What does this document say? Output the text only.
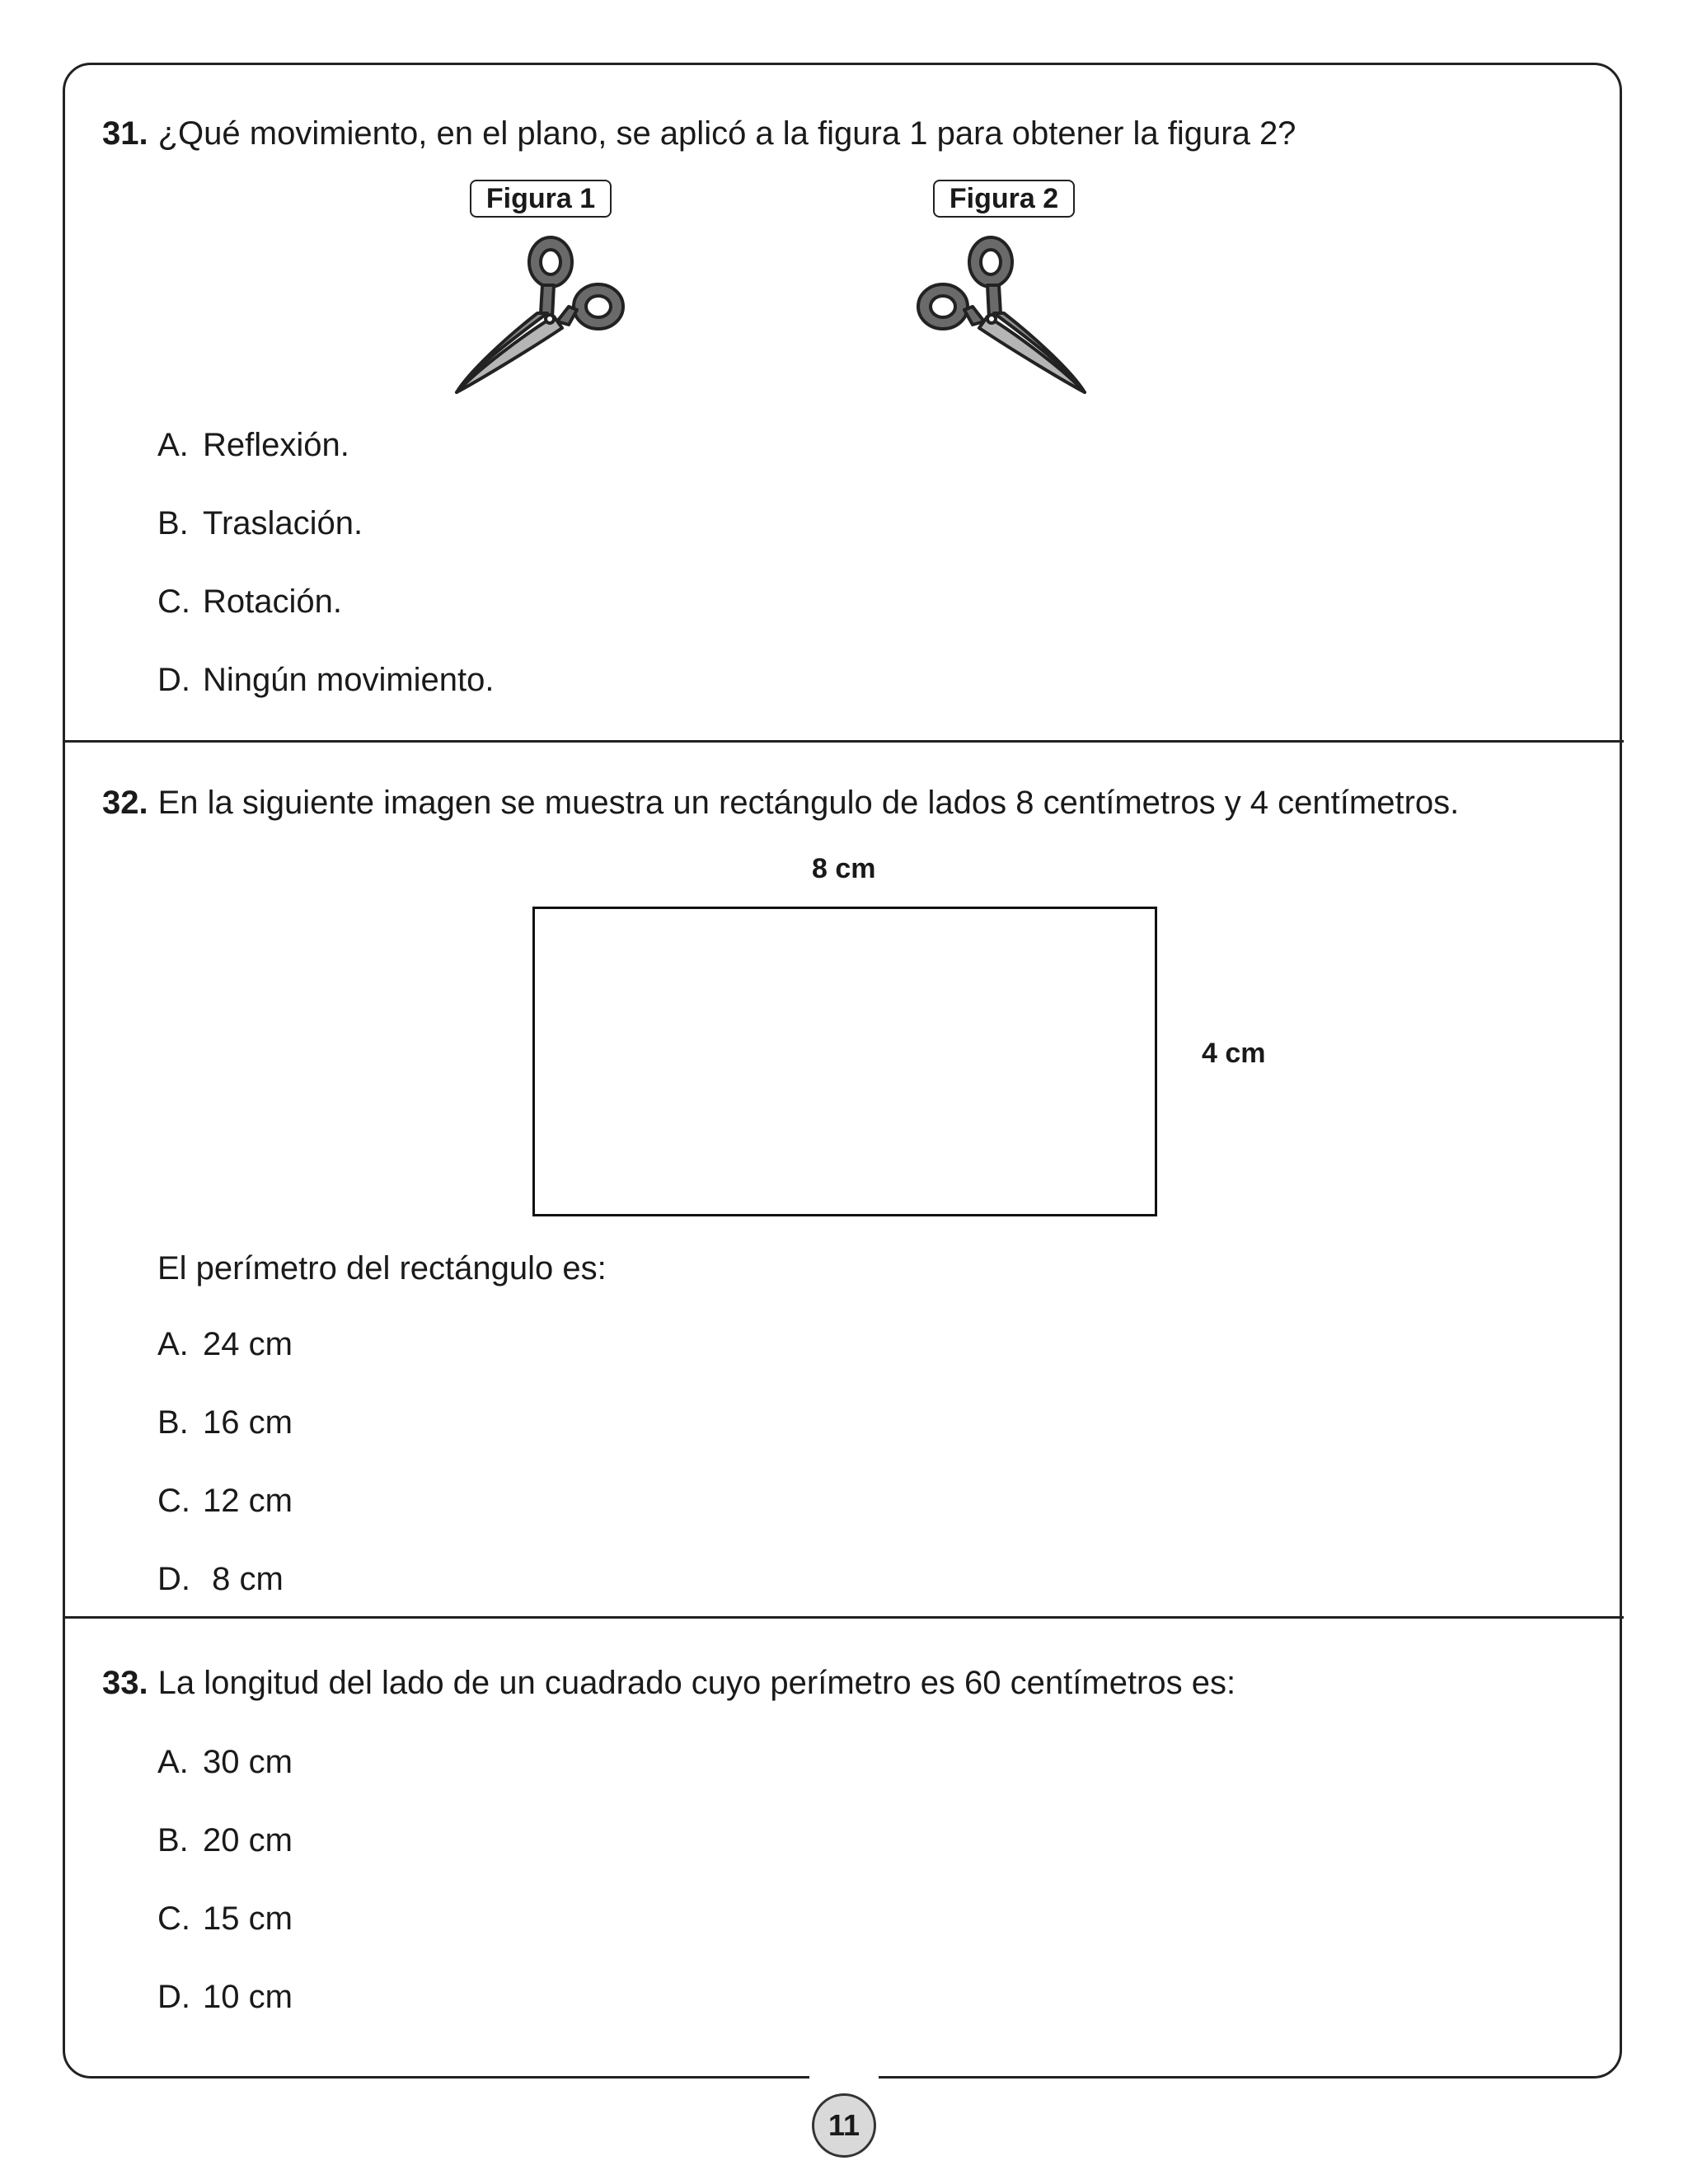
31. ¿Qué movimiento, en el plano, se aplicó a la figura 1 para obtener la figura 2?
Figura 1	Figura 2
A. Reflexión.
B. Traslación.
C. Rotación.
D. Ningún movimiento.
32. En la siguiente imagen se muestra un rectángulo de lados 8 centímetros y 4 centímetros.
8 cm
4 cm
El perímetro del rectángulo es:
A. 24 cm
B. 16 cm
C. 12 cm
D. 8 cm
33. La longitud del lado de un cuadrado cuyo perímetro es 60 centímetros es:
A. 30 cm
B. 20 cm
C. 15 cm
D. 10 cm
11
